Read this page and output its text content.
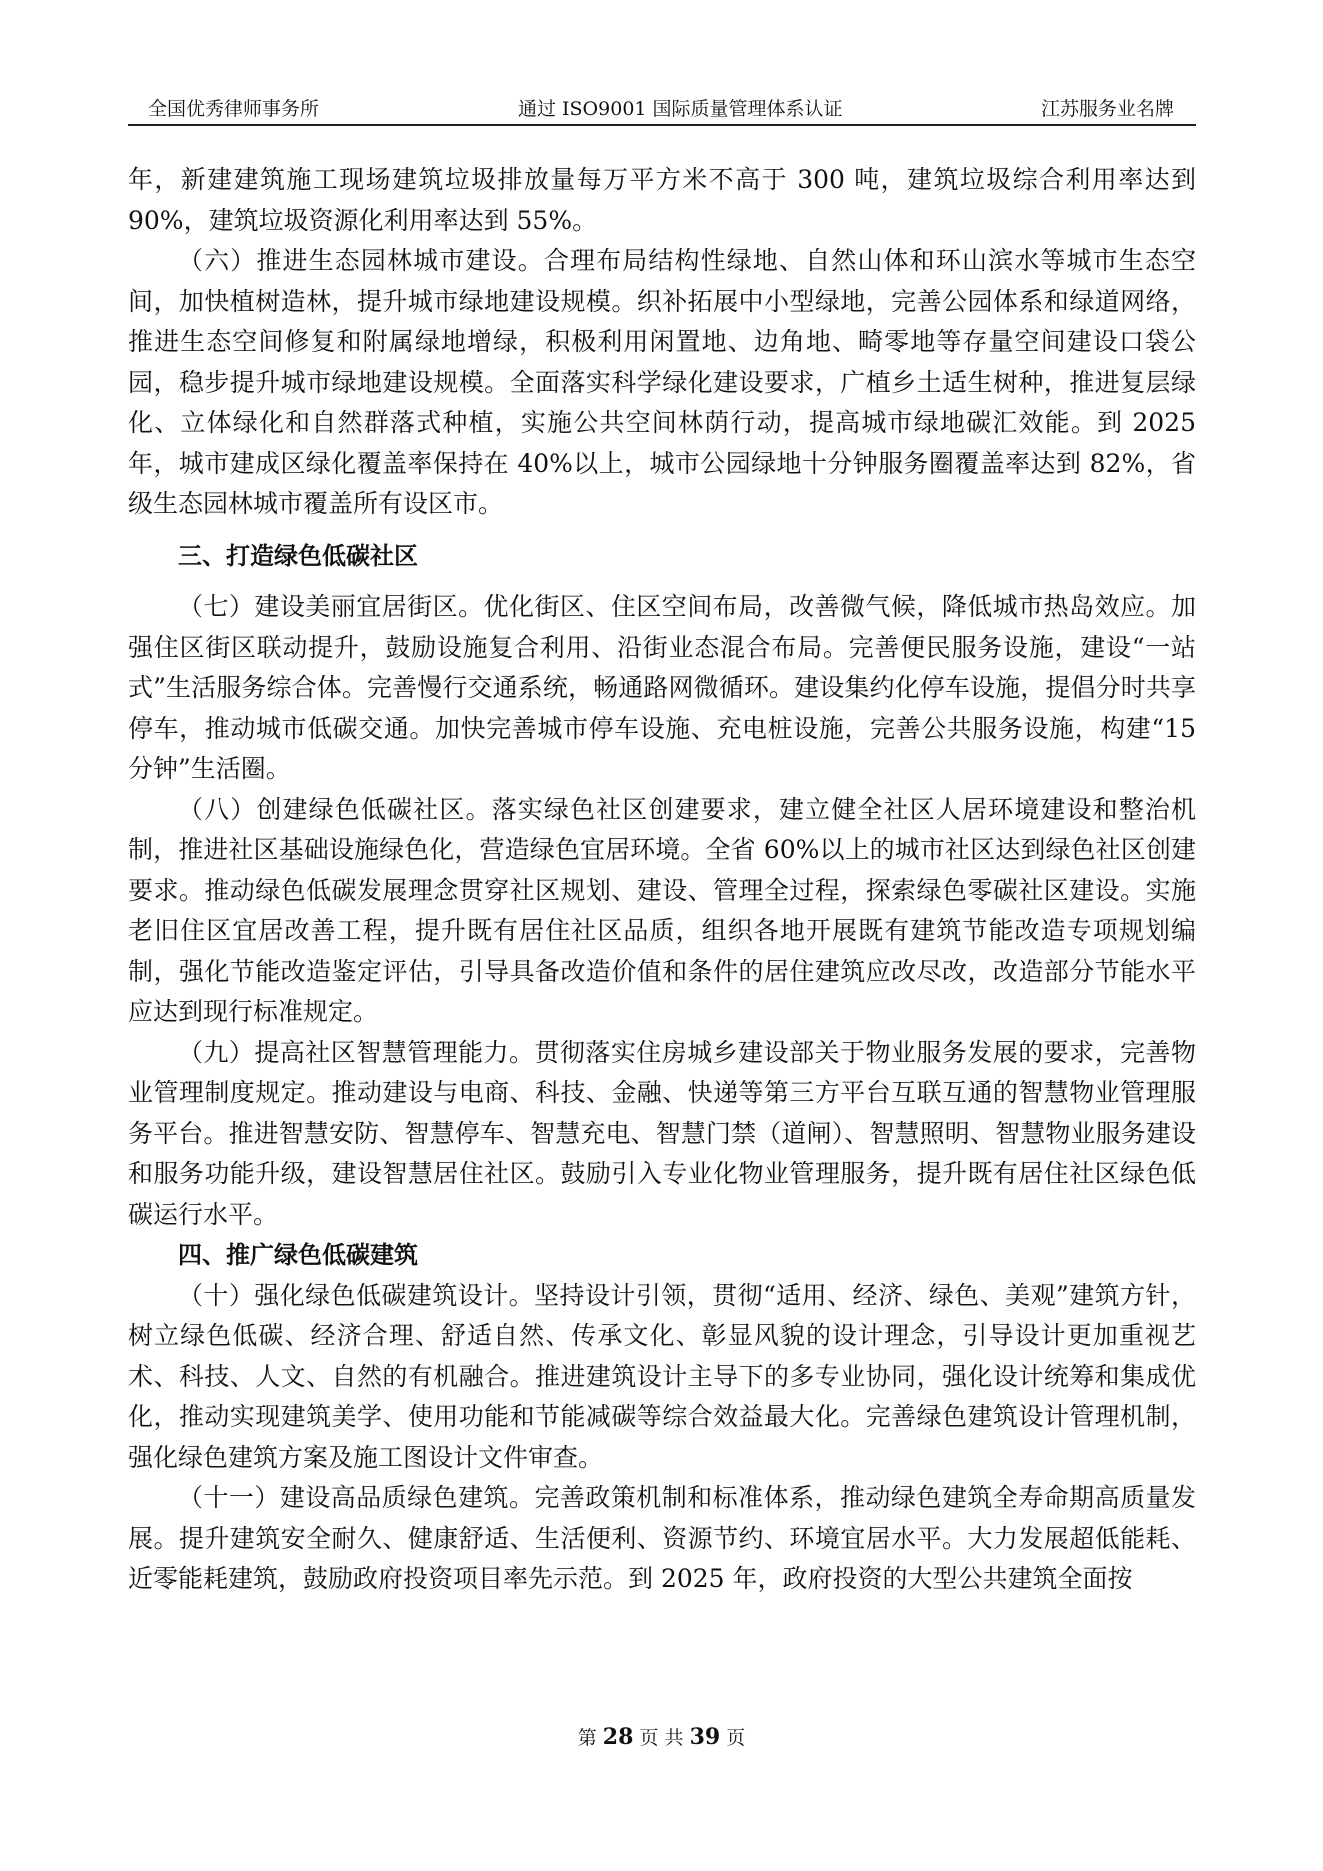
全国优秀律师事务所	通过 ISO9001 国际质量管理体系认证	江苏服务业名牌

年，新建建筑施工现场建筑垃圾排放量每万平方米不高于 300 吨，建筑垃圾综合利用率达到 90%，建筑垃圾资源化利用率达到 55%。

（六）推进生态园林城市建设。合理布局结构性绿地、自然山体和环山滨水等城市生态空间，加快植树造林，提升城市绿地建设规模。织补拓展中小型绿地，完善公园体系和绿道网络，推进生态空间修复和附属绿地增绿，积极利用闲置地、边角地、畸零地等存量空间建设口袋公园，稳步提升城市绿地建设规模。全面落实科学绿化建设要求，广植乡土适生树种，推进复层绿化、立体绿化和自然群落式种植，实施公共空间林荫行动，提高城市绿地碳汇效能。到 2025 年，城市建成区绿化覆盖率保持在 40%以上，城市公园绿地十分钟服务圈覆盖率达到 82%，省级生态园林城市覆盖所有设区市。

三、打造绿色低碳社区

（七）建设美丽宜居街区。优化街区、住区空间布局，改善微气候，降低城市热岛效应。加强住区街区联动提升，鼓励设施复合利用、沿街业态混合布局。完善便民服务设施，建设“一站式”生活服务综合体。完善慢行交通系统，畅通路网微循环。建设集约化停车设施，提倡分时共享停车，推动城市低碳交通。加快完善城市停车设施、充电桩设施，完善公共服务设施，构建“15 分钟”生活圈。

（八）创建绿色低碳社区。落实绿色社区创建要求，建立健全社区人居环境建设和整治机制，推进社区基础设施绿色化，营造绿色宜居环境。全省 60%以上的城市社区达到绿色社区创建要求。推动绿色低碳发展理念贯穿社区规划、建设、管理全过程，探索绿色零碳社区建设。实施老旧住区宜居改善工程，提升既有居住社区品质，组织各地开展既有建筑节能改造专项规划编制，强化节能改造鉴定评估，引导具备改造价值和条件的居住建筑应改尽改，改造部分节能水平应达到现行标准规定。

（九）提高社区智慧管理能力。贯彻落实住房城乡建设部关于物业服务发展的要求，完善物业管理制度规定。推动建设与电商、科技、金融、快递等第三方平台互联互通的智慧物业管理服务平台。推进智慧安防、智慧停车、智慧充电、智慧门禁（道闸）、智慧照明、智慧物业服务建设和服务功能升级，建设智慧居住社区。鼓励引入专业化物业管理服务，提升既有居住社区绿色低碳运行水平。

四、推广绿色低碳建筑

（十）强化绿色低碳建筑设计。坚持设计引领，贯彻“适用、经济、绿色、美观”建筑方针，树立绿色低碳、经济合理、舒适自然、传承文化、彰显风貌的设计理念，引导设计更加重视艺术、科技、人文、自然的有机融合。推进建筑设计主导下的多专业协同，强化设计统筹和集成优化，推动实现建筑美学、使用功能和节能减碳等综合效益最大化。完善绿色建筑设计管理机制，强化绿色建筑方案及施工图设计文件审查。

（十一）建设高品质绿色建筑。完善政策机制和标准体系，推动绿色建筑全寿命期高质量发展。提升建筑安全耐久、健康舒适、生活便利、资源节约、环境宜居水平。大力发展超低能耗、近零能耗建筑，鼓励政府投资项目率先示范。到 2025 年，政府投资的大型公共建筑全面按

第 28 页 共 39 页
